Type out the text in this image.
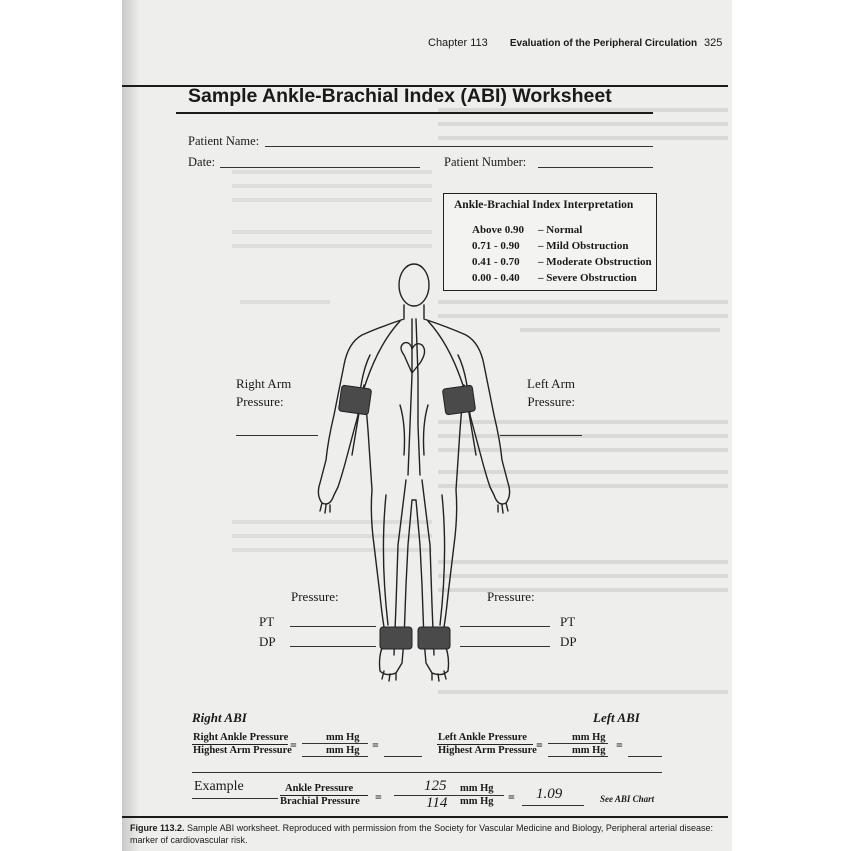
Chapter 113 Evaluation of the Peripheral Circulation 325
Sample Ankle-Brachial Index (ABI) Worksheet
Patient Name:
Date:	Patient Number:
Ankle-Brachial Index Interpretation
Above 0.90 – Normal
0.71 - 0.90 – Mild Obstruction
0.41 - 0.70 – Moderate Obstruction
0.00 - 0.40 – Severe Obstruction
Right Arm
Pressure:
Left Arm
Pressure:
Pressure:
PT
DP
Pressure:
PT
DP
Right ABI	Left ABI
Right Ankle Pressure
Highest Arm Pressure
=
mm Hg
mm Hg =
Left Ankle Pressure
Highest Arm Pressure =
mm Hg
mm Hg =
Example	Ankle Pressure
Brachial Pressure =
125 mm Hg
114 mm Hg = 1.09	See ABI Chart
Figure 113.2. Sample ABI worksheet. Reproduced with permission from the Society for Vascular Medicine and Biology, Peripheral arterial disease:
marker of cardiovascular risk.
